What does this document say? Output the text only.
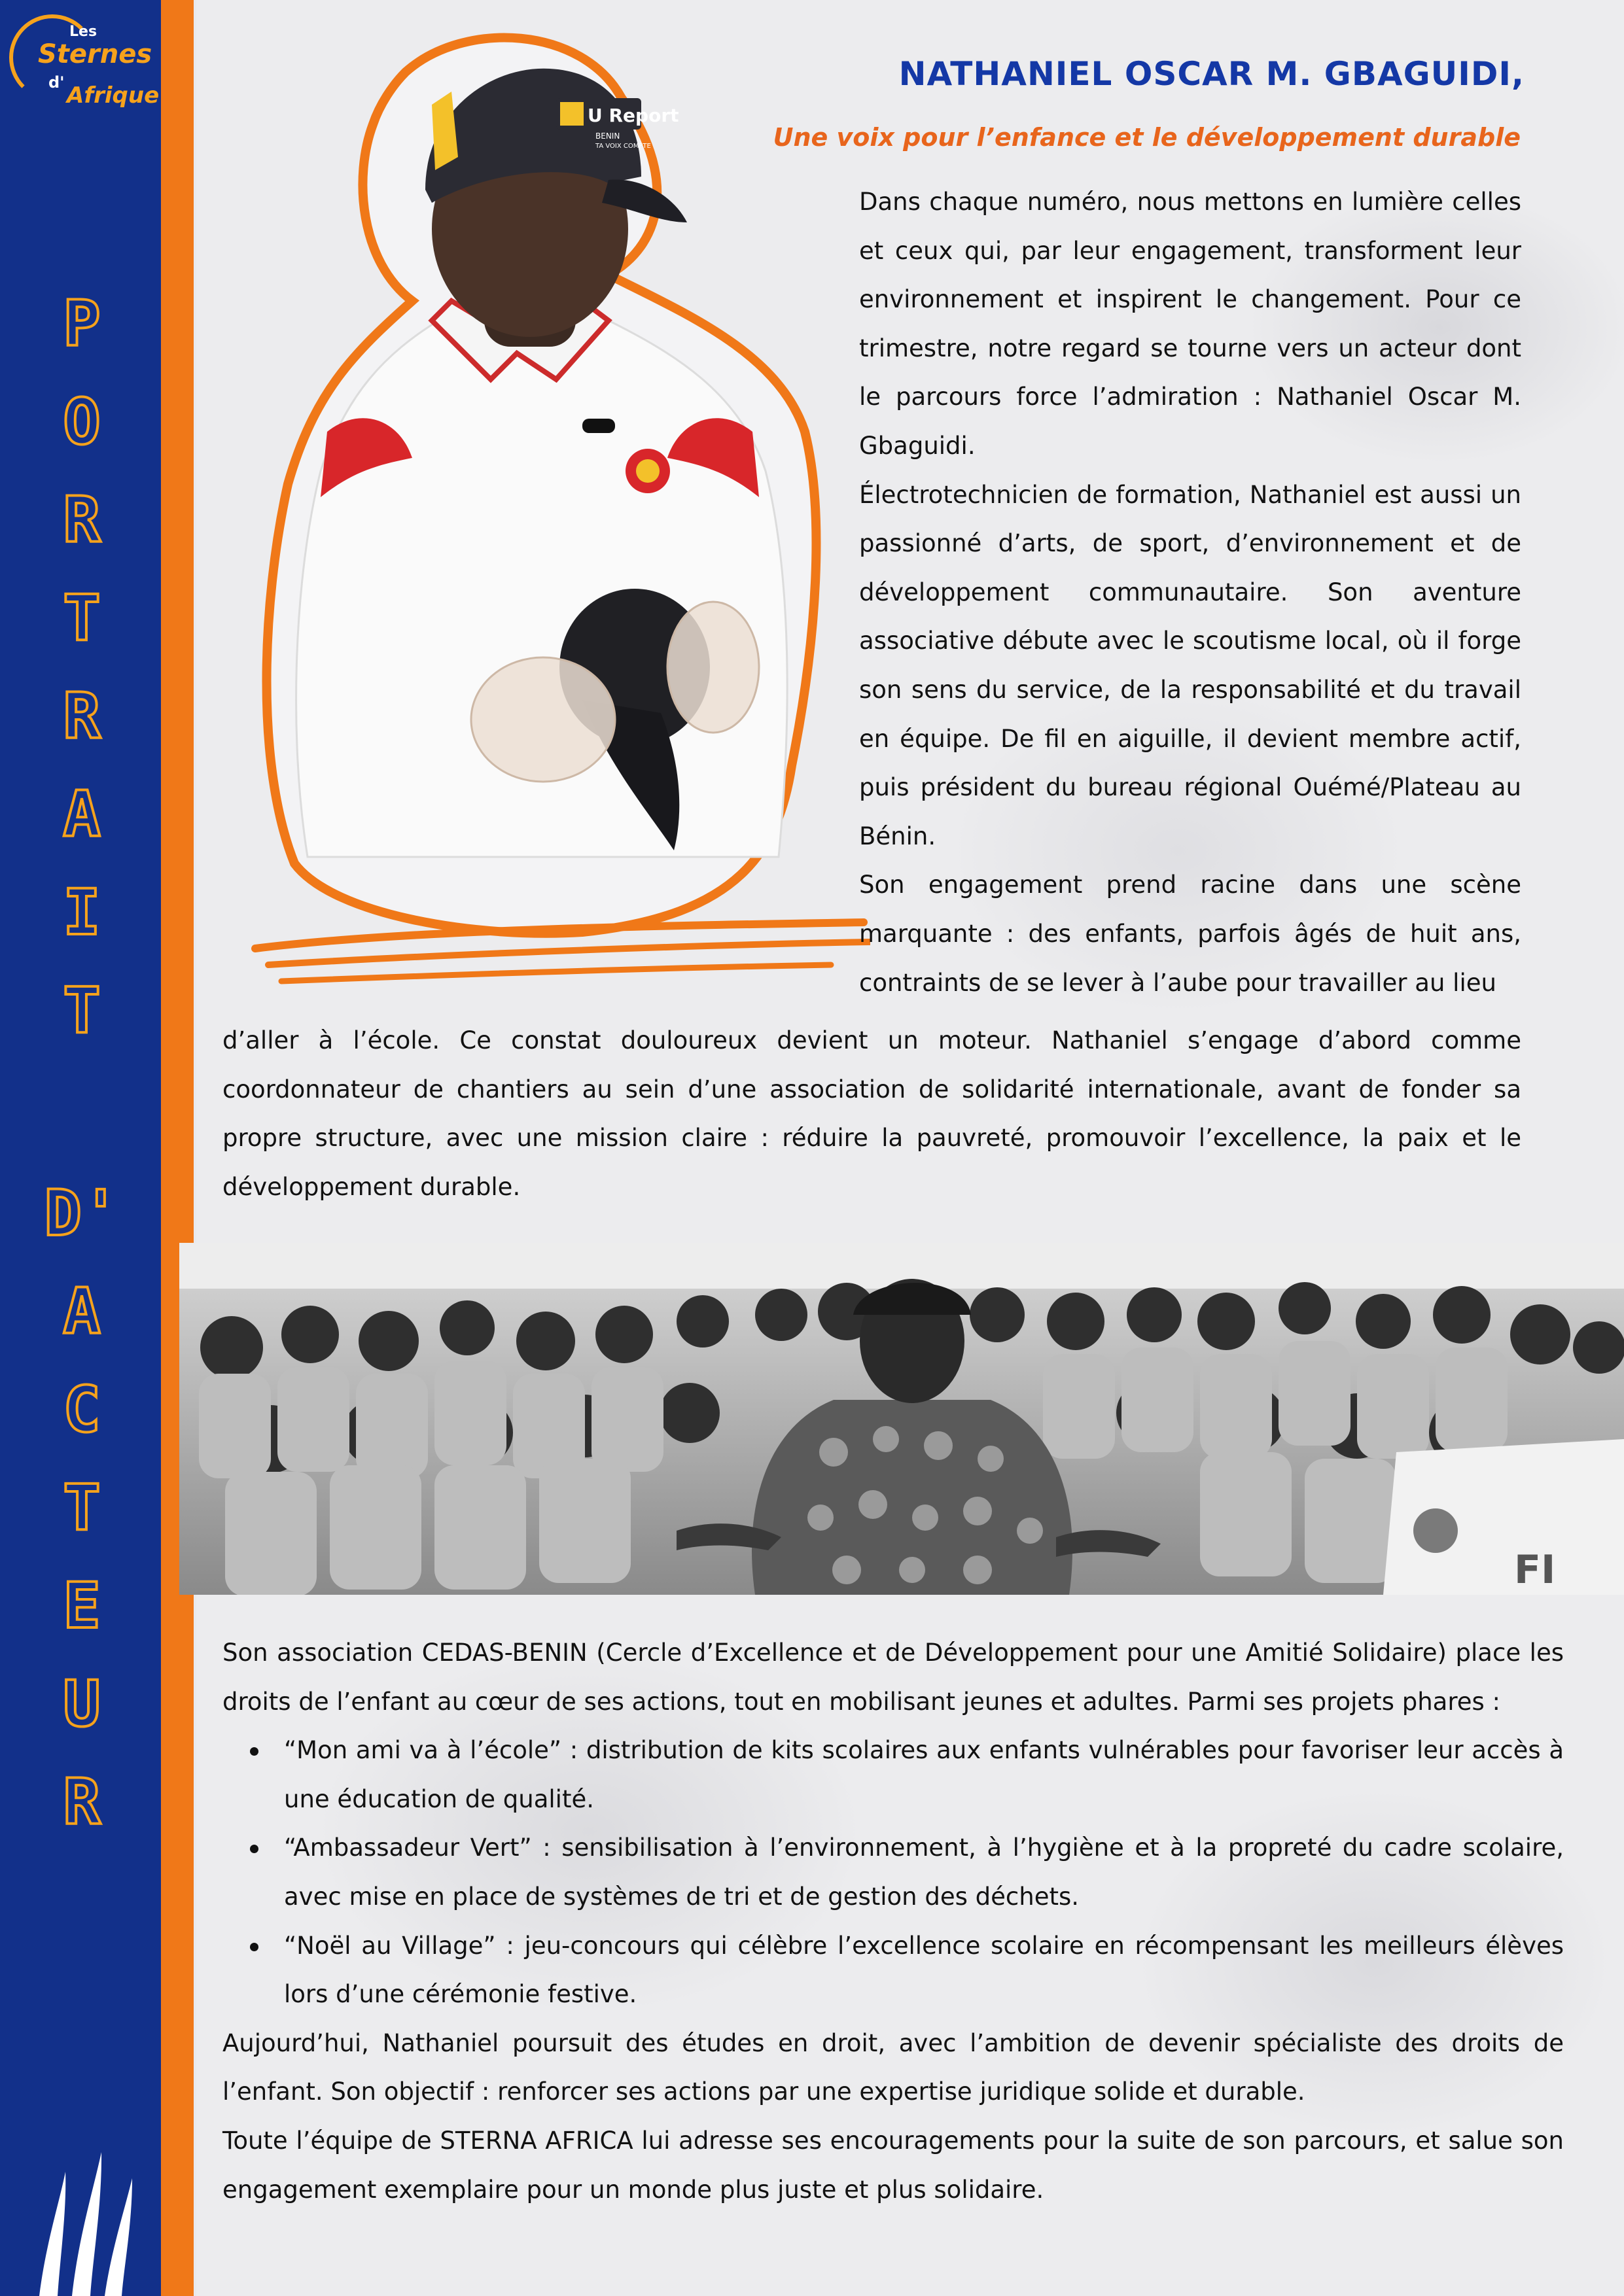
Les
Sternes
d' Afrique
P
O
R
T
R
A
I
T
D'
A
C
T
E
U
R
NATHANIEL OSCAR M. GBAGUIDI,
Une voix pour l’enfance et le développement durable
U Report
BENIN
TA VOIX COMPTE

Dans chaque numéro, nous mettons en lumière celles et ceux qui, par leur engagement, transforment leur environnement et inspirent le changement. Pour ce trimestre, notre regard se tourne vers un acteur dont le parcours force l’admiration : Nathaniel Oscar M. Gbaguidi.

Électrotechnicien de formation, Nathaniel est aussi un passionné d’arts, de sport, d’environnement et de développement communautaire. Son aventure associative débute avec le scoutisme local, où il forge son sens du service, de la responsabilité et du travail en équipe. De fil en aiguille, il devient membre actif, puis président du bureau régional Ouémé/Plateau au Bénin.

Son engagement prend racine dans une scène marquante : des enfants, parfois âgés de huit ans, contraints de se lever à l’aube pour travailler au lieu

d’aller à l’école. Ce constat douloureux devient un moteur. Nathaniel s’engage d’abord comme coordonnateur de chantiers au sein d’une association de solidarité internationale, avant de fonder sa propre structure, avec une mission claire : réduire la pauvreté, promouvoir l’excellence, la paix et le développement durable.

FI

Son association CEDAS-BENIN (Cercle d’Excellence et de Développement pour une Amitié Solidaire) place les droits de l’enfant au cœur de ses actions, tout en mobilisant jeunes et adultes. Parmi ses projets phares :

“Mon ami va à l’école” : distribution de kits scolaires aux enfants vulnérables pour favoriser leur accès à une éducation de qualité.
“Ambassadeur Vert” : sensibilisation à l’environnement, à l’hygiène et à la propreté du cadre scolaire, avec mise en place de systèmes de tri et de gestion des déchets.
“Noël au Village” : jeu-concours qui célèbre l’excellence scolaire en récompensant les meilleurs élèves lors d’une cérémonie festive.

Aujourd’hui, Nathaniel poursuit des études en droit, avec l’ambition de devenir spécialiste des droits de l’enfant. Son objectif : renforcer ses actions par une expertise juridique solide et durable.

Toute l’équipe de STERNA AFRICA lui adresse ses encouragements pour la suite de son parcours, et salue son engagement exemplaire pour un monde plus juste et plus solidaire.
